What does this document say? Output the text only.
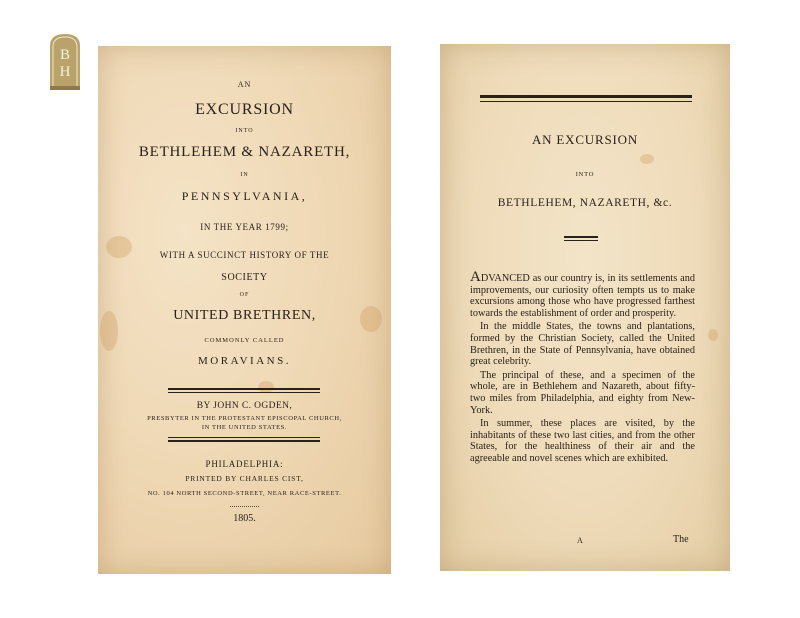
B
H
AN
EXCURSION
INTO
BETHLEHEM & NAZARETH,
IN
PENNSYLVANIA,
IN THE YEAR 1799;
WITH A SUCCINCT HISTORY OF THE
SOCIETY
OF
UNITED BRETHREN,
COMMONLY CALLED
MORAVIANS.
BY JOHN C. OGDEN,
PRESBYTER IN THE PROTESTANT EPISCOPAL CHURCH,
IN THE UNITED STATES.
PHILADELPHIA:
PRINTED BY CHARLES CIST,
NO. 104 NORTH SECOND-STREET, NEAR RACE-STREET.
...............
1805.
AN EXCURSION
INTO
BETHLEHEM, NAZARETH, &c.

ADVANCED as our country is, in its settlements and improvements, our curiosity often tempts us to make excursions among those who have progressed farthest towards the establishment of order and prosperity.

In the middle States, the towns and plantations, formed by the Christian Society, called the United Brethren, in the State of Pennsylvania, have obtained great celebrity.

The principal of these, and a specimen of the whole, are in Bethlehem and Nazareth, about fifty-two miles from Philadelphia, and eighty from New-York.

In summer, these places are visited, by the inhabitants of these two last cities, and from the other States, for the healthiness of their air and the agreeable and novel scenes which are exhibited.

A	The
